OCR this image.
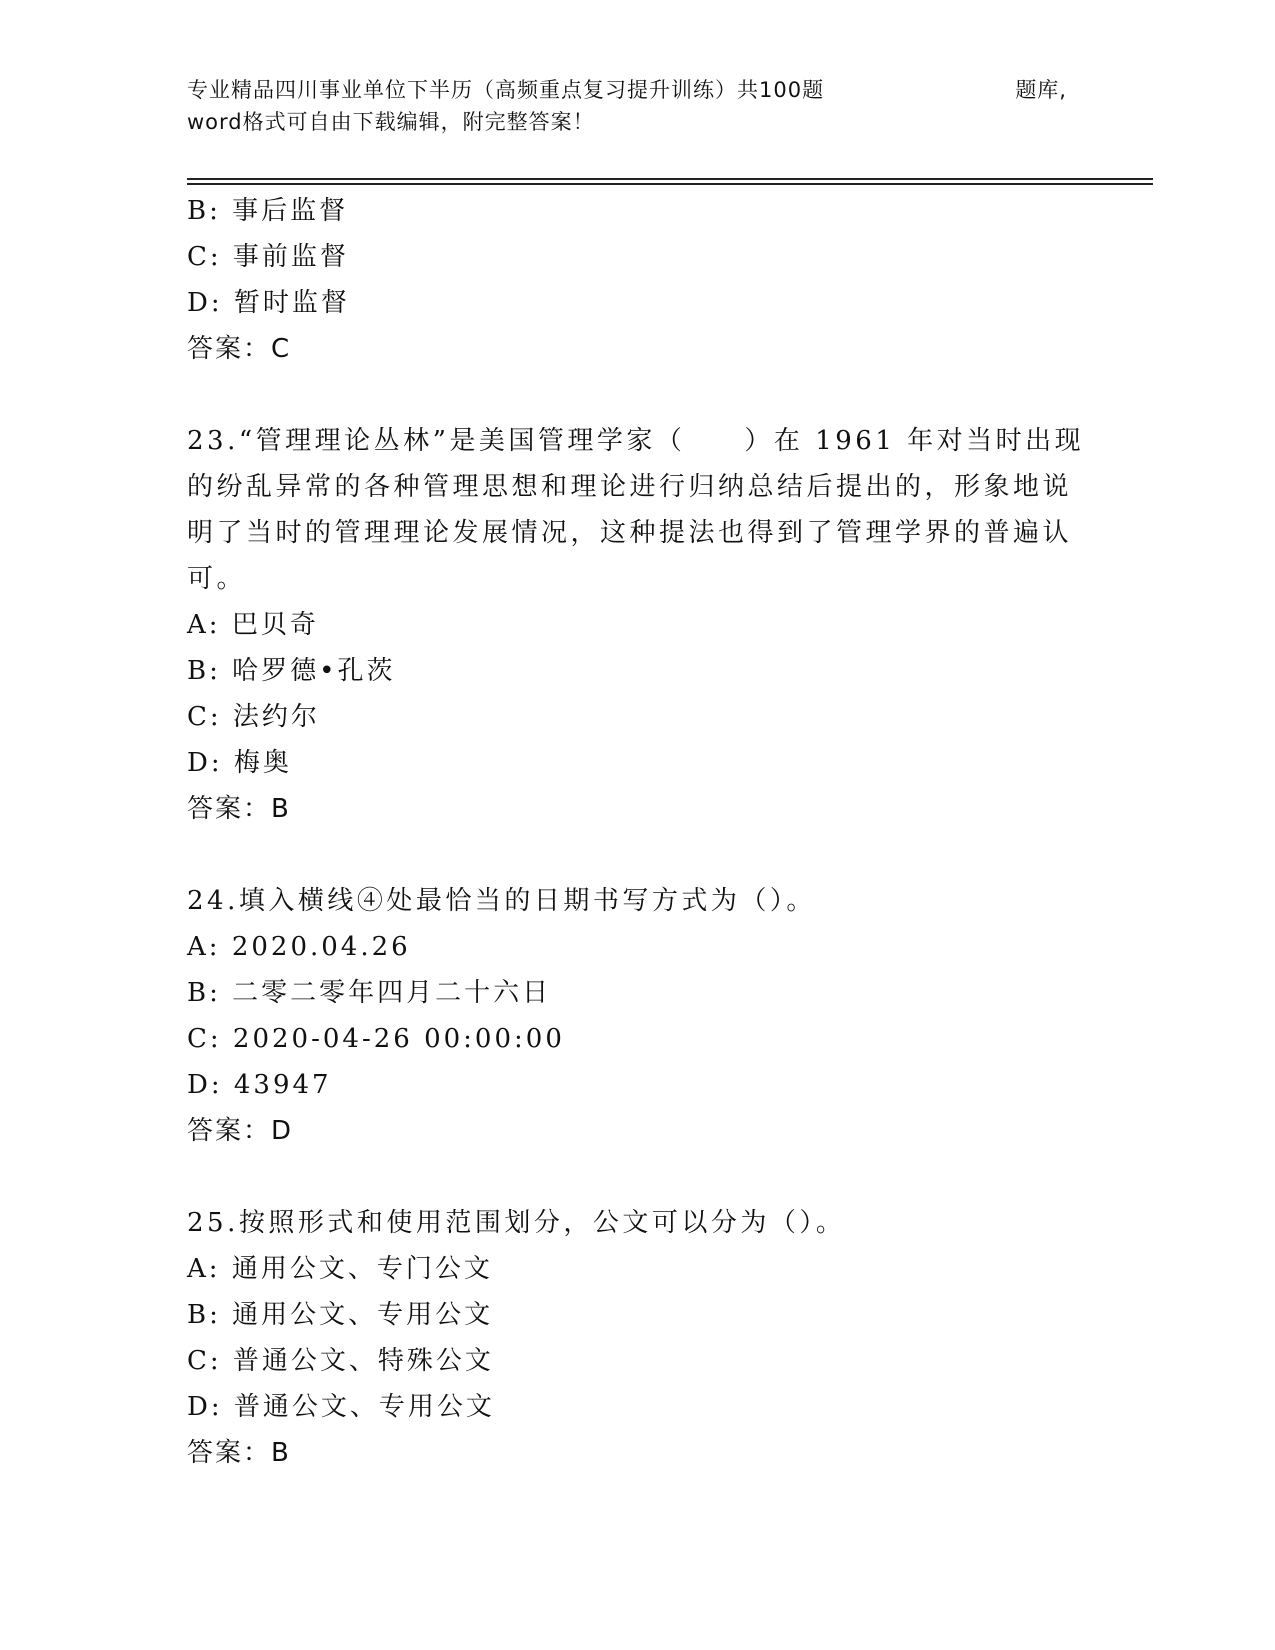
专业精品四川事业单位下半历（高频重点复习提升训练）共100题	题库,
word格式可自由下载编辑，附完整答案！
B: 事后监督
C: 事前监督
D: 暂时监督
答案：C
23.“管理理论丛林”是美国管理学家（　　）在 1961 年对当时出现
的纷乱异常的各种管理思想和理论进行归纳总结后提出的，形象地说
明了当时的管理理论发展情况，这种提法也得到了管理学界的普遍认
可。
A: 巴贝奇
B: 哈罗德•孔茨
C: 法约尔
D: 梅奥
答案：B
24.填入横线④处最恰当的日期书写方式为（）。
A: 2020.04.26
B: 二零二零年四月二十六日
C: 2020-04-26 00:00:00
D: 43947
答案：D
25.按照形式和使用范围划分，公文可以分为（）。
A: 通用公文、专门公文
B: 通用公文、专用公文
C: 普通公文、特殊公文
D: 普通公文、专用公文
答案：B
